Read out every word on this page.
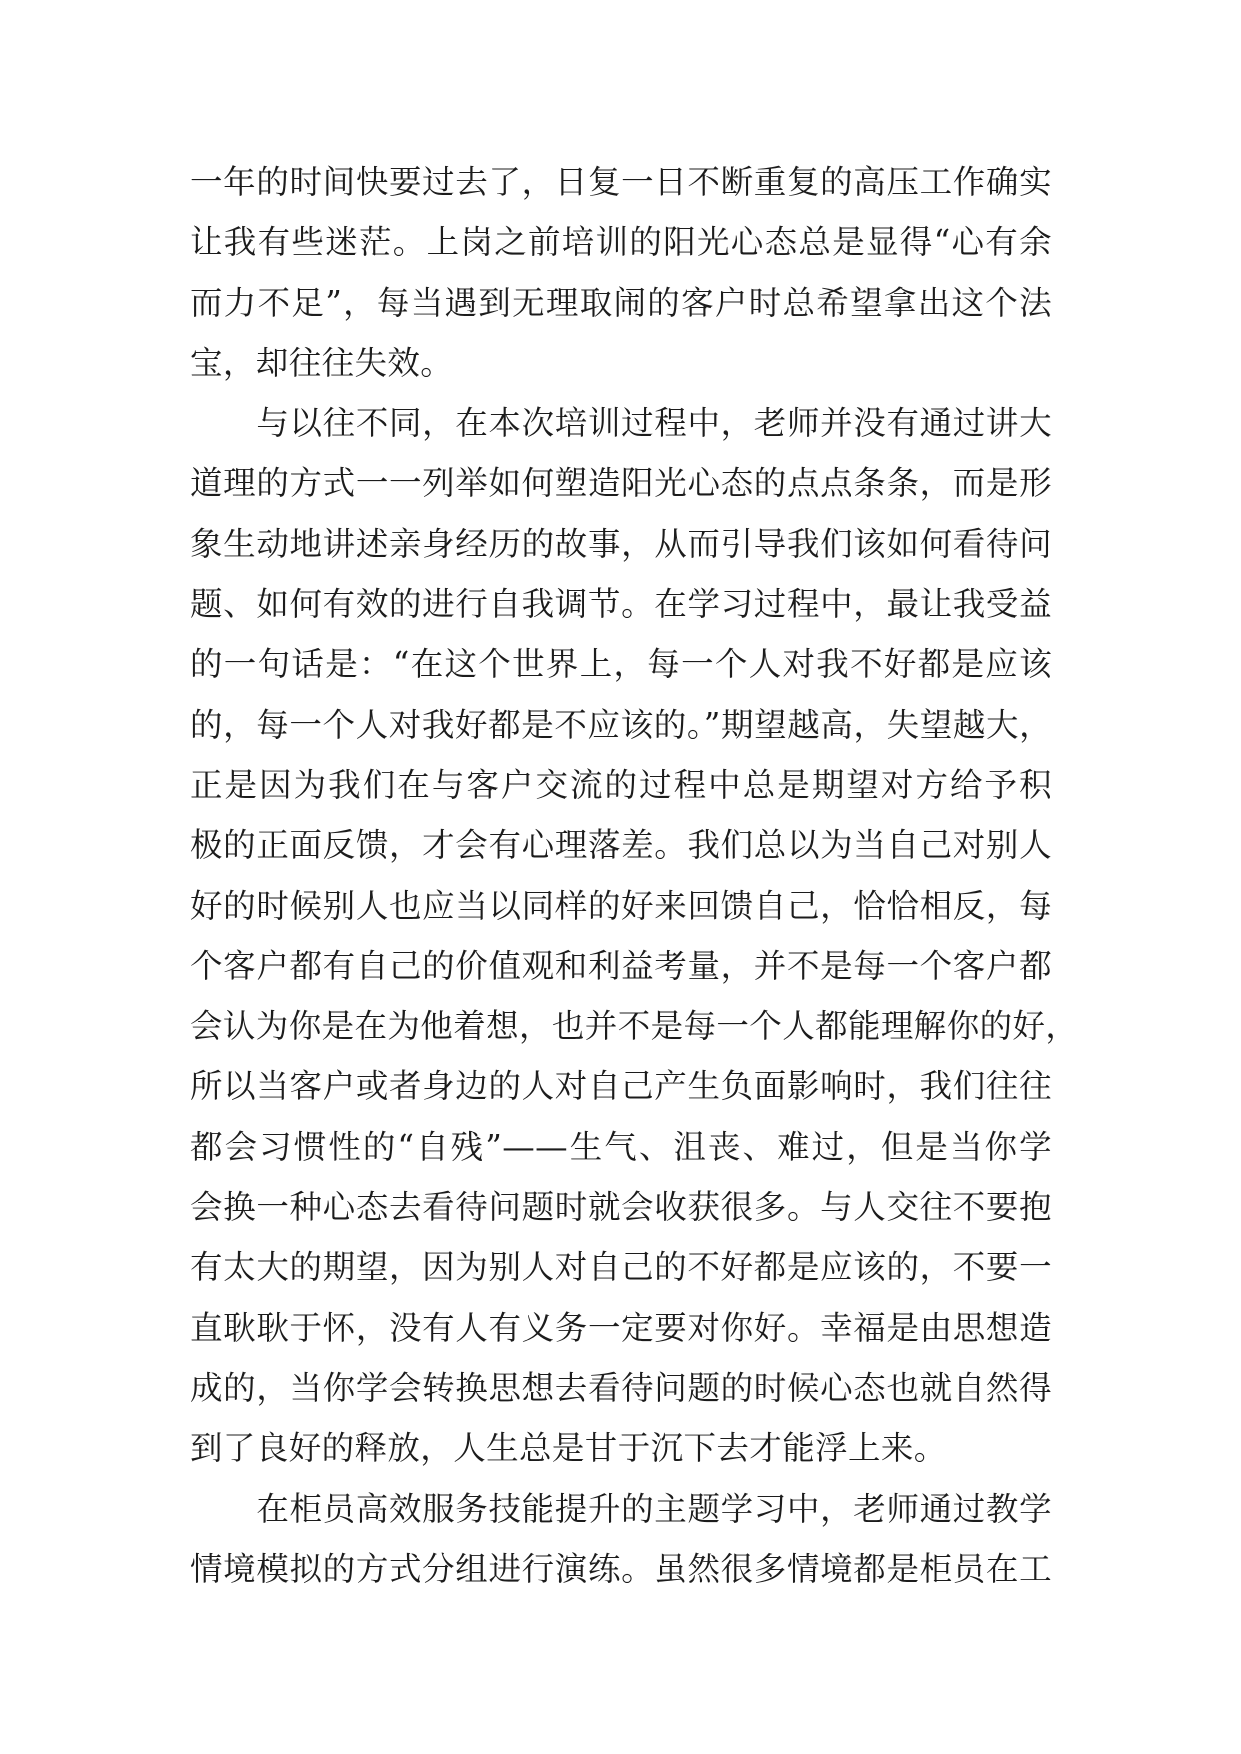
一年的时间快要过去了，日复一日不断重复的高压工作确实
让我有些迷茫。上岗之前培训的阳光心态总是显得“心有余
而力不足”，每当遇到无理取闹的客户时总希望拿出这个法
宝，却往往失效。
　　与以往不同，在本次培训过程中，老师并没有通过讲大
道理的方式一一列举如何塑造阳光心态的点点条条，而是形
象生动地讲述亲身经历的故事，从而引导我们该如何看待问
题、如何有效的进行自我调节。在学习过程中，最让我受益
的一句话是：“在这个世界上，每一个人对我不好都是应该
的，每一个人对我好都是不应该的。”期望越高，失望越大，
正是因为我们在与客户交流的过程中总是期望对方给予积
极的正面反馈，才会有心理落差。我们总以为当自己对别人
好的时候别人也应当以同样的好来回馈自己，恰恰相反，每
个客户都有自己的价值观和利益考量，并不是每一个客户都
会认为你是在为他着想，也并不是每一个人都能理解你的好，
所以当客户或者身边的人对自己产生负面影响时，我们往往
都会习惯性的“自残”——生气、沮丧、难过，但是当你学
会换一种心态去看待问题时就会收获很多。与人交往不要抱
有太大的期望，因为别人对自己的不好都是应该的，不要一
直耿耿于怀，没有人有义务一定要对你好。幸福是由思想造
成的，当你学会转换思想去看待问题的时候心态也就自然得
到了良好的释放，人生总是甘于沉下去才能浮上来。
　　在柜员高效服务技能提升的主题学习中，老师通过教学
情境模拟的方式分组进行演练。虽然很多情境都是柜员在工
